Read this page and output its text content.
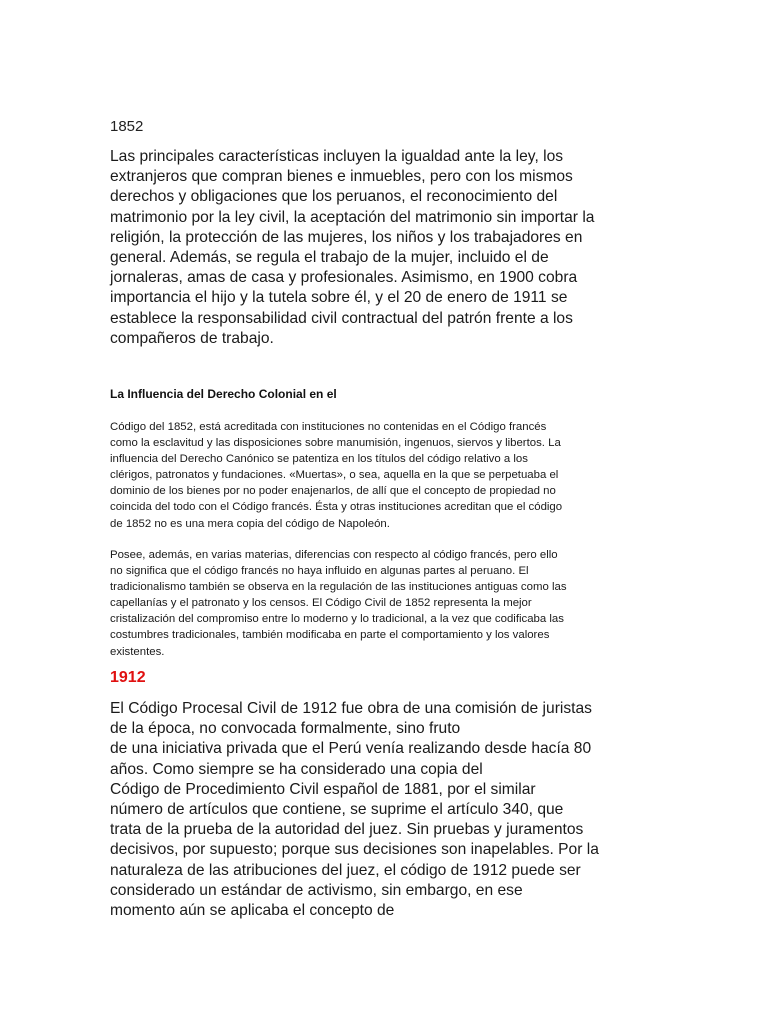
1852
Las principales características incluyen la igualdad ante la ley, los
extranjeros que compran bienes e inmuebles, pero con los mismos
derechos y obligaciones que los peruanos, el reconocimiento del
matrimonio por la ley civil, la aceptación del matrimonio sin importar la
religión, la protección de las mujeres, los niños y los trabajadores en
general. Además, se regula el trabajo de la mujer, incluido el de
jornaleras, amas de casa y profesionales. Asimismo, en 1900 cobra
importancia el hijo y la tutela sobre él, y el 20 de enero de 1911 se
establece la responsabilidad civil contractual del patrón frente a los
compañeros de trabajo.
La Influencia del Derecho Colonial en el
Código del 1852, está acreditada con instituciones no contenidas en el Código francés
como la esclavitud y las disposiciones sobre manumisión, ingenuos, siervos y libertos. La
influencia del Derecho Canónico se patentiza en los títulos del código relativo a los
clérigos, patronatos y fundaciones. «Muertas», o sea, aquella en la que se perpetuaba el
dominio de los bienes por no poder enajenarlos, de allí que el concepto de propiedad no
coincida del todo con el Código francés. Ésta y otras instituciones acreditan que el código
de 1852 no es una mera copia del código de Napoleón.
Posee, además, en varias materias, diferencias con respecto al código francés, pero ello
no significa que el código francés no haya influido en algunas partes al peruano. El
tradicionalismo también se observa en la regulación de las instituciones antiguas como las
capellanías y el patronato y los censos. El Código Civil de 1852 representa la mejor
cristalización del compromiso entre lo moderno y lo tradicional, a la vez que codificaba las
costumbres tradicionales, también modificaba en parte el comportamiento y los valores
existentes.
1912
El Código Procesal Civil de 1912 fue obra de una comisión de juristas
de la época, no convocada formalmente, sino fruto
de una iniciativa privada que el Perú venía realizando desde hacía 80
años. Como siempre se ha considerado una copia del
Código de Procedimiento Civil español de 1881, por el similar
número de artículos que contiene, se suprime el artículo 340, que
trata de la prueba de la autoridad del juez. Sin pruebas y juramentos
decisivos, por supuesto; porque sus decisiones son inapelables. Por la
naturaleza de las atribuciones del juez, el código de 1912 puede ser
considerado un estándar de activismo, sin embargo, en ese
momento aún se aplicaba el concepto de
